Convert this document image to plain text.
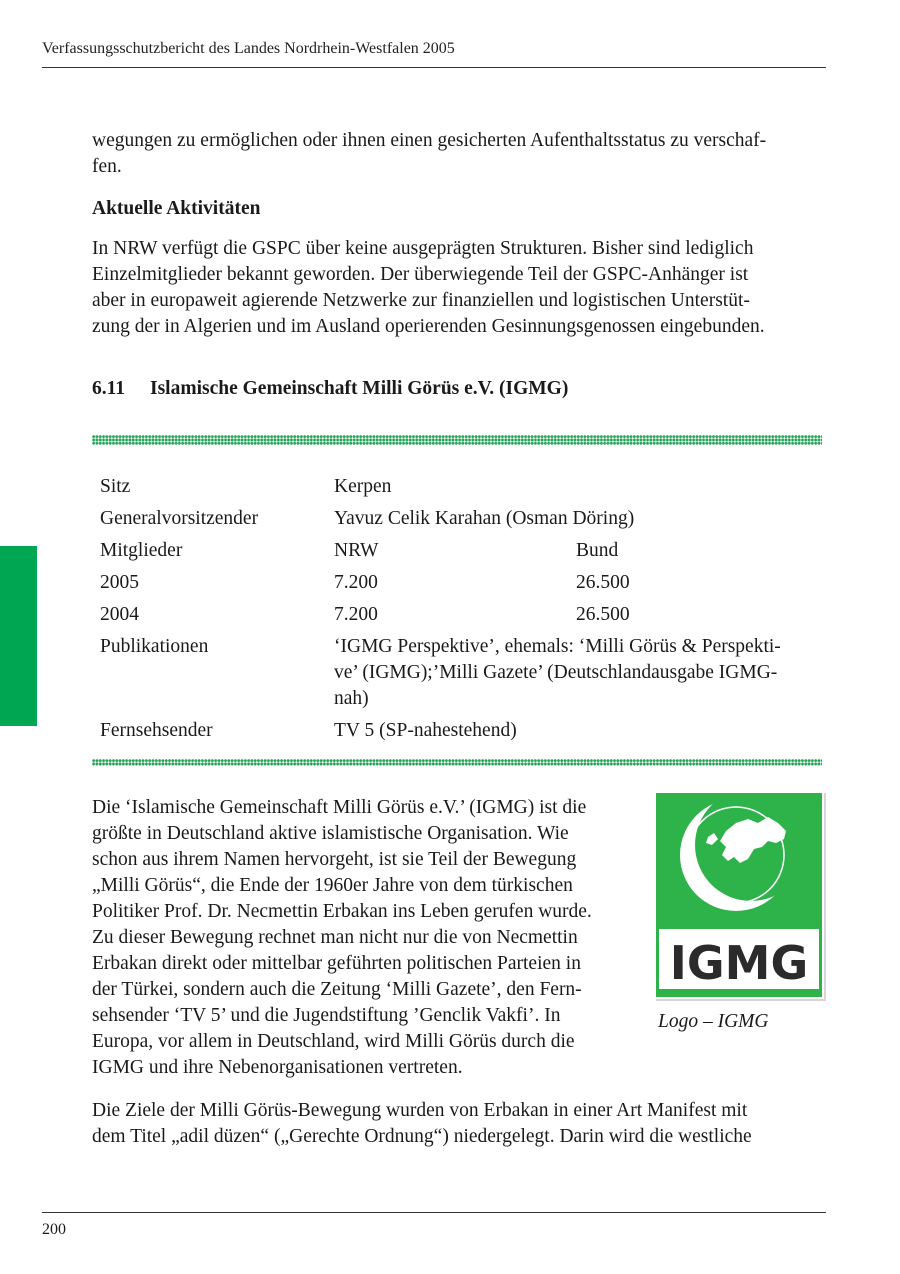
Verfassungsschutzbericht des Landes Nordrhein-Westfalen 2005
wegungen zu ermöglichen oder ihnen einen gesicherten Aufenthaltsstatus zu verschaf-
fen.
Aktuelle Aktivitäten
In NRW verfügt die GSPC über keine ausgeprägten Strukturen. Bisher sind lediglich
Einzelmitglieder bekannt geworden. Der überwiegende Teil der GSPC-Anhänger ist
aber in europaweit agierende Netzwerke zur finanziellen und logistischen Unterstüt-
zung der in Algerien und im Ausland operierenden Gesinnungsgenossen eingebunden.
6.11 Islamische Gemeinschaft Milli Görüs e.V. (IGMG)
Sitz	Kerpen
Generalvorsitzender	Yavuz Celik Karahan (Osman Döring)
Mitglieder	NRW	Bund
2005	7.200	26.500
2004	7.200	26.500
Publikationen	‘IGMG Perspektive’, ehemals: ‘Milli Görüs & Perspekti-
ve’ (IGMG);’Milli Gazete’ (Deutschlandausgabe IGMG-
nah)
Fernsehsender	TV 5 (SP-nahestehend)
Die ‘Islamische Gemeinschaft Milli Görüs e.V.’ (IGMG) ist die
größte in Deutschland aktive islamistische Organisation. Wie
schon aus ihrem Namen hervorgeht, ist sie Teil der Bewegung
„Milli Görüs“, die Ende der 1960er Jahre von dem türkischen
Politiker Prof. Dr. Necmettin Erbakan ins Leben gerufen wurde.
Zu dieser Bewegung rechnet man nicht nur die von Necmettin
Erbakan direkt oder mittelbar geführten politischen Parteien in
der Türkei, sondern auch die Zeitung ‘Milli Gazete’, den Fern-
sehsender ‘TV 5’ und die Jugendstiftung ’Genclik Vakfi’. In
Europa, vor allem in Deutschland, wird Milli Görüs durch die
IGMG und ihre Nebenorganisationen vertreten.
IGMG
Logo – IGMG
Die Ziele der Milli Görüs-Bewegung wurden von Erbakan in einer Art Manifest mit
dem Titel „adil düzen“ („Gerechte Ordnung“) niedergelegt. Darin wird die westliche
200
